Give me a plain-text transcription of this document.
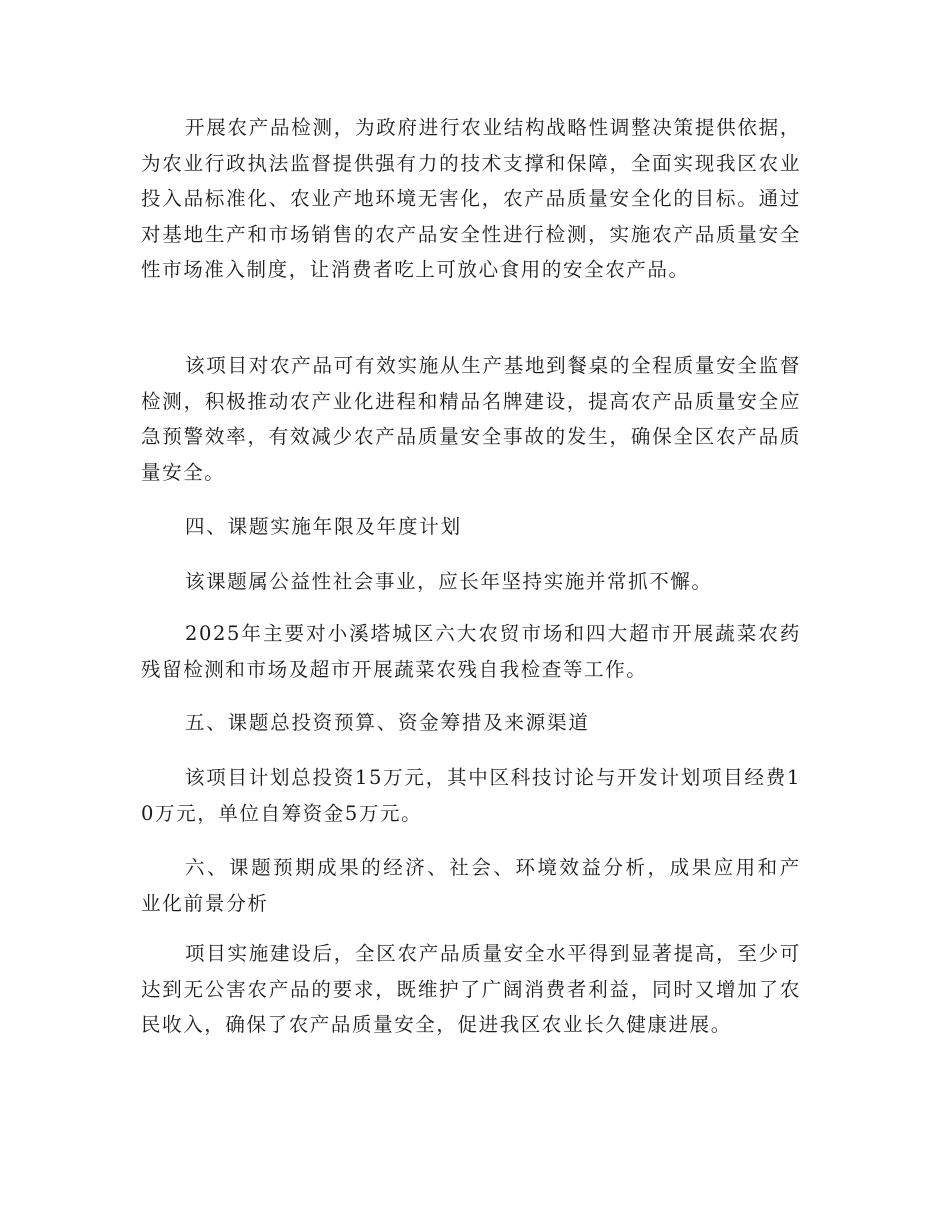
开展农产品检测，为政府进行农业结构战略性调整决策提供依据，为农业行政执法监督提供强有力的技术支撑和保障，全面实现我区农业投入品标准化、农业产地环境无害化，农产品质量安全化的目标。通过对基地生产和市场销售的农产品安全性进行检测，实施农产品质量安全性市场准入制度，让消费者吃上可放心食用的安全农产品。

该项目对农产品可有效实施从生产基地到餐桌的全程质量安全监督检测，积极推动农产业化进程和精品名牌建设，提高农产品质量安全应急预警效率，有效减少农产品质量安全事故的发生，确保全区农产品质量安全。

四、课题实施年限及年度计划

该课题属公益性社会事业，应长年坚持实施并常抓不懈。

2025年主要对小溪塔城区六大农贸市场和四大超市开展蔬菜农药残留检测和市场及超市开展蔬菜农残自我检查等工作。

五、课题总投资预算、资金筹措及来源渠道

该项目计划总投资15万元，其中区科技讨论与开发计划项目经费10万元，单位自筹资金5万元。

六、课题预期成果的经济、社会、环境效益分析，成果应用和产业化前景分析

项目实施建设后，全区农产品质量安全水平得到显著提高，至少可达到无公害农产品的要求，既维护了广阔消费者利益，同时又增加了农民收入，确保了农产品质量安全，促进我区农业长久健康进展。
